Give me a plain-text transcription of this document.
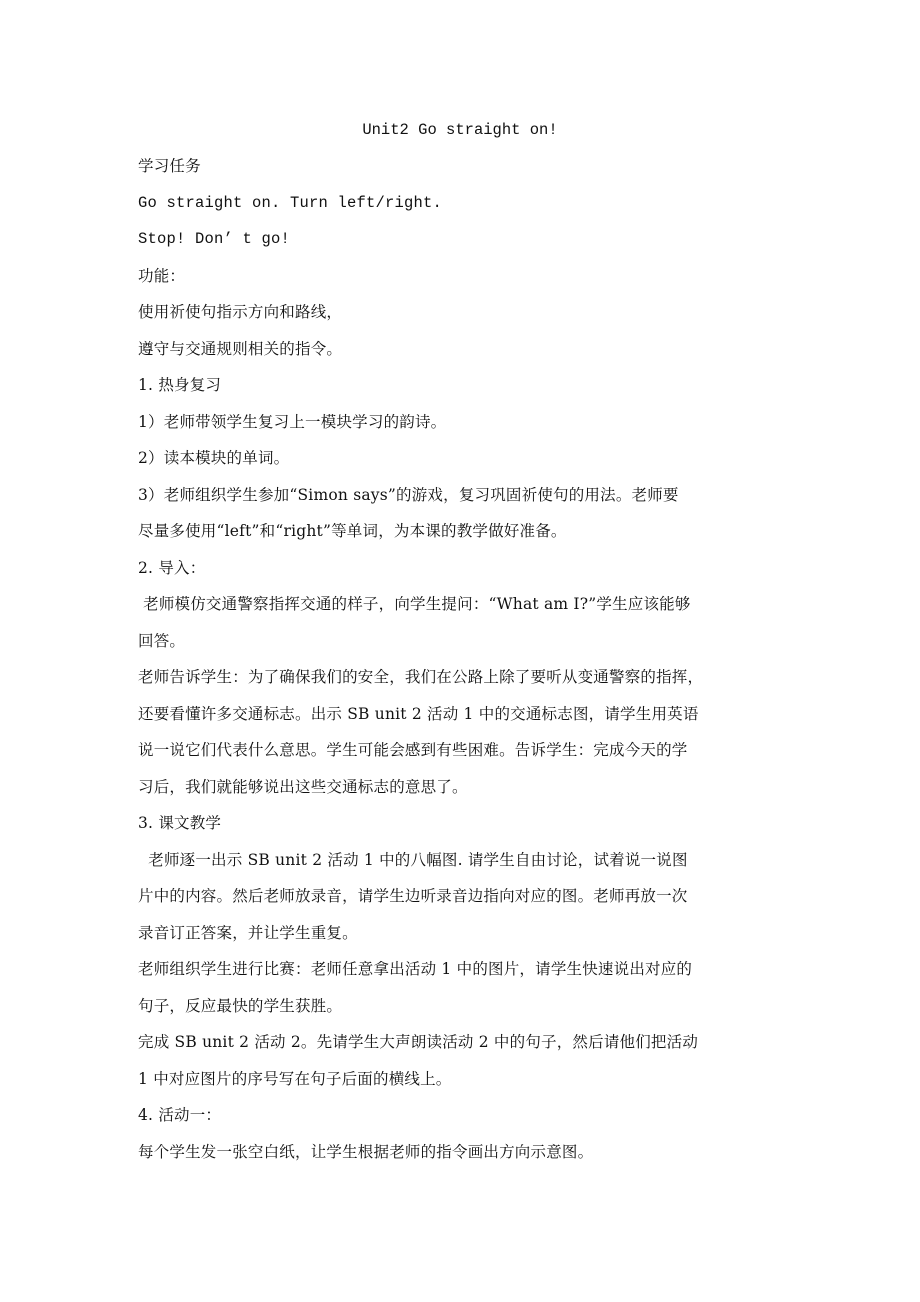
Unit2 Go straight on!
学习任务
Go straight on. Turn left/right.
Stop! Don’ t go!
功能：
使用祈使句指示方向和路线，
遵守与交通规则相关的指令。
1. 热身复习
1）老师带领学生复习上一模块学习的韵诗。
2）读本模块的单词。
3）老师组织学生参加“Simon says”的游戏，复习巩固祈使句的用法。老师要
尽量多使用“left”和“right”等单词，为本课的教学做好准备。
2. 导入：
老师模仿交通警察指挥交通的样子，向学生提问：“What am I?”学生应该能够
回答。
老师告诉学生：为了确保我们的安全，我们在公路上除了要听从变通警察的指挥，
还要看懂许多交通标志。出示 SB unit 2 活动 1 中的交通标志图，请学生用英语
说一说它们代表什么意思。学生可能会感到有些困难。告诉学生：完成今天的学
习后，我们就能够说出这些交通标志的意思了。
3. 课文教学
老师逐一出示 SB unit 2 活动 1 中的八幅图. 请学生自由讨论，试着说一说图
片中的内容。然后老师放录音，请学生边听录音边指向对应的图。老师再放一次
录音订正答案，并让学生重复。
老师组织学生进行比赛：老师任意拿出活动 1 中的图片，请学生快速说出对应的
句子，反应最快的学生获胜。
完成 SB unit 2 活动 2。先请学生大声朗读活动 2 中的句子，然后请他们把活动
1 中对应图片的序号写在句子后面的横线上。
4. 活动一：
每个学生发一张空白纸，让学生根据老师的指令画出方向示意图。
